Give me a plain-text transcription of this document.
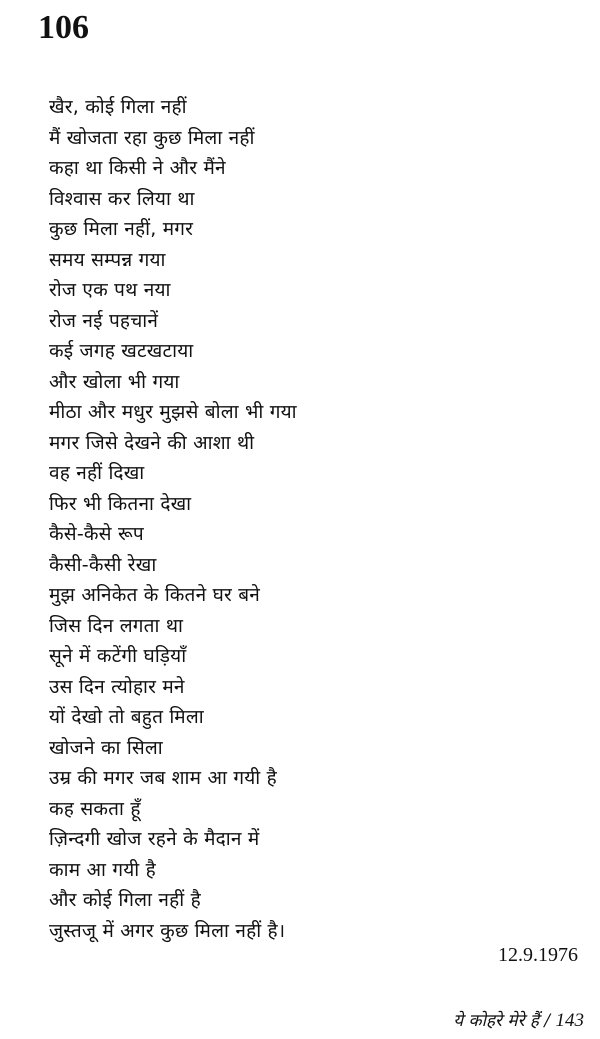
106
खैर, कोई गिला नहीं
मैं खोजता रहा कुछ मिला नहीं
कहा था किसी ने और मैंने
विश्वास कर लिया था
कुछ मिला नहीं, मगर
समय सम्पन्न गया
रोज एक पथ नया
रोज नई पहचानें
कई जगह खटखटाया
और खोला भी गया
मीठा और मधुर मुझसे बोला भी गया
मगर जिसे देखने की आशा थी
वह नहीं दिखा
फिर भी कितना देखा
कैसे-कैसे रूप
कैसी-कैसी रेखा
मुझ अनिकेत के कितने घर बने
जिस दिन लगता था
सूने में कटेंगी घड़ियाँ
उस दिन त्योहार मने
यों देखो तो बहुत मिला
खोजने का सिला
उम्र की मगर जब शाम आ गयी है
कह सकता हूँ
ज़िन्दगी खोज रहने के मैदान में
काम आ गयी है
और कोई गिला नहीं है
जुस्तजू में अगर कुछ मिला नहीं है।
12.9.1976
ये कोहरे मेरे हैं / 143
